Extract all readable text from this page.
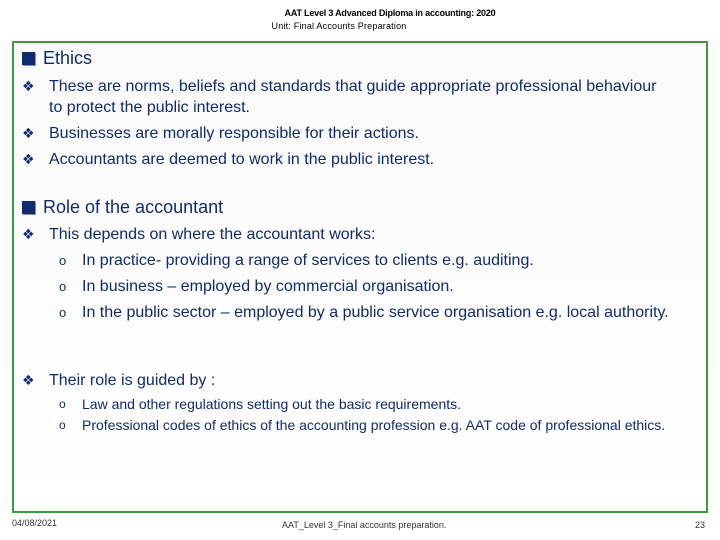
AAT Level 3 Advanced Diploma in accounting: 2020
Unit: Final Accounts Preparation
Ethics
❖ These are norms, beliefs and standards that guide appropriate professional behaviour to protect the public interest.
❖ Businesses are morally responsible for their actions.
❖ Accountants are deemed to work in the public interest.
Role of the accountant
❖ This depends on where the accountant works:
o In practice- providing a range of services to clients e.g. auditing.
o In business – employed by commercial organisation.
o In the public sector – employed by a public service organisation e.g. local authority.
❖ Their role is guided by :
o	Law and other regulations setting out the basic requirements.
o	Professional codes of ethics of the accounting profession e.g. AAT code of professional ethics.
04/08/2021	AAT_Level 3_Final accounts preparation.	23
